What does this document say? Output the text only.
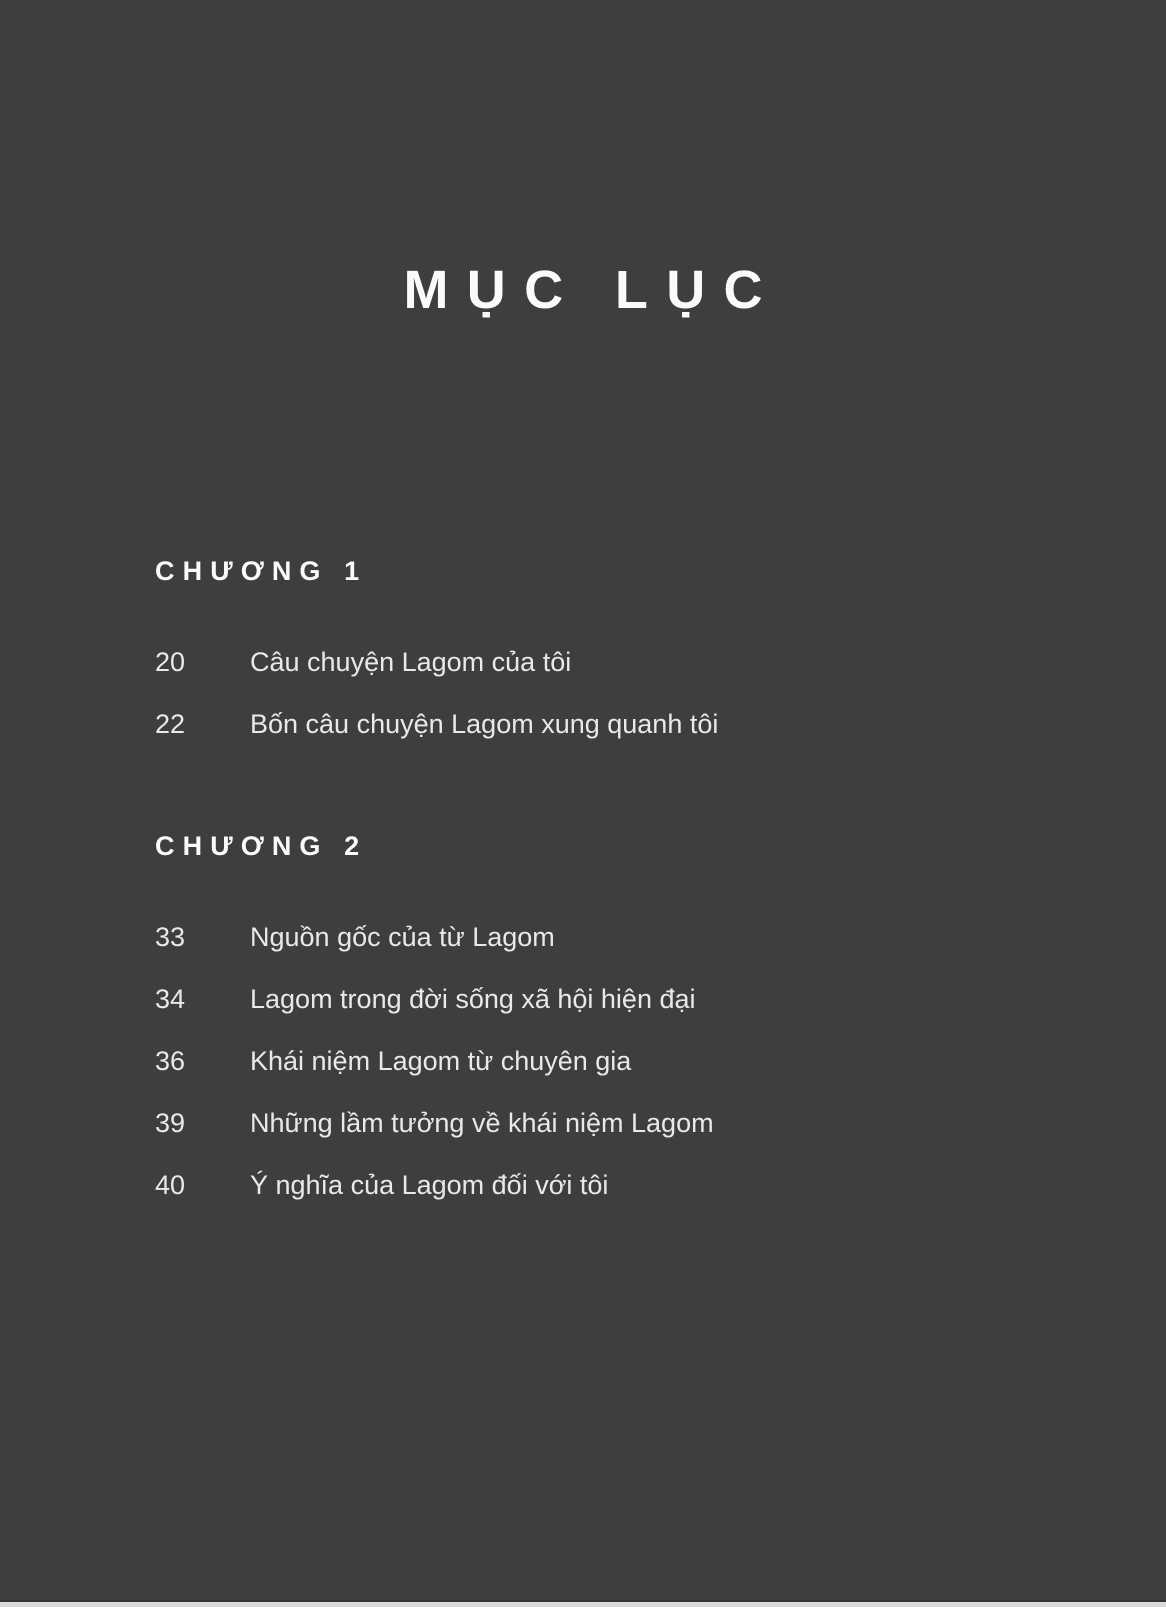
MỤC LỤC
CHƯƠNG 1
20	Câu chuyện Lagom của tôi
22	Bốn câu chuyện Lagom xung quanh tôi
CHƯƠNG 2
33	Nguồn gốc của từ Lagom
34	Lagom trong đời sống xã hội hiện đại
36	Khái niệm Lagom từ chuyên gia
39	Những lầm tưởng về khái niệm Lagom
40	Ý nghĩa của Lagom đối với tôi
